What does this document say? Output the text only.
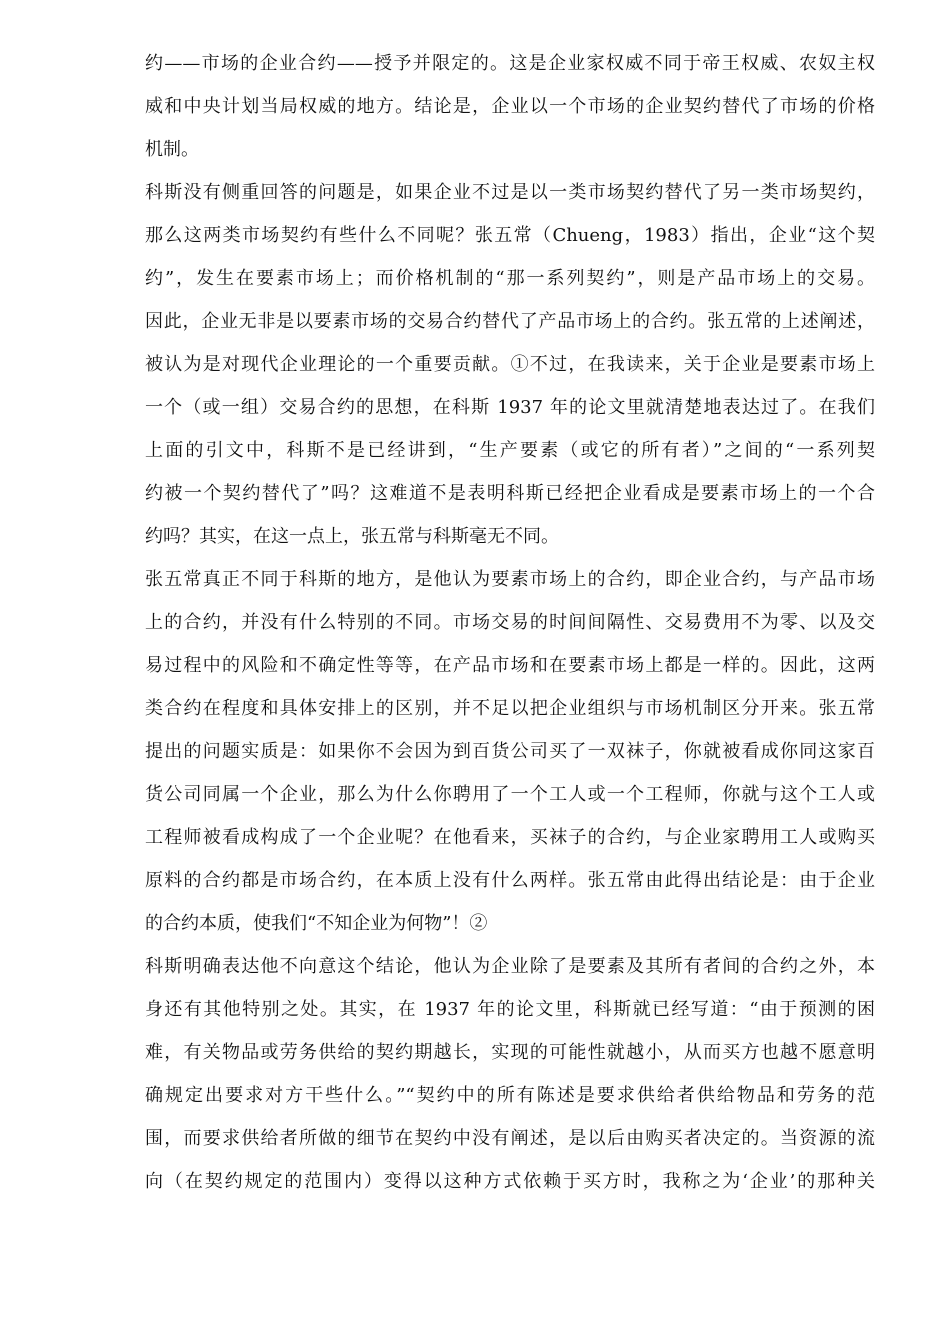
约——市场的企业合约——授予并限定的。这是企业家权威不同于帝王权威、农奴主权
威和中央计划当局权威的地方。结论是，企业以一个市场的企业契约替代了市场的价格
机制。
科斯没有侧重回答的问题是，如果企业不过是以一类市场契约替代了另一类市场契约，
那么这两类市场契约有些什么不同呢？张五常（Chueng，1983）指出，企业“这个契
约”，发生在要素市场上；而价格机制的“那一系列契约”，则是产品市场上的交易。
因此，企业无非是以要素市场的交易合约替代了产品市场上的合约。张五常的上述阐述，
被认为是对现代企业理论的一个重要贡献。①不过，在我读来，关于企业是要素市场上
一个（或一组）交易合约的思想，在科斯 1937 年的论文里就清楚地表达过了。在我们
上面的引文中，科斯不是已经讲到，“生产要素（或它的所有者）”之间的“一系列契
约被一个契约替代了”吗？这难道不是表明科斯已经把企业看成是要素市场上的一个合
约吗？其实，在这一点上，张五常与科斯毫无不同。
张五常真正不同于科斯的地方，是他认为要素市场上的合约，即企业合约，与产品市场
上的合约，并没有什么特别的不同。市场交易的时间间隔性、交易费用不为零、以及交
易过程中的风险和不确定性等等，在产品市场和在要素市场上都是一样的。因此，这两
类合约在程度和具体安排上的区别，并不足以把企业组织与市场机制区分开来。张五常
提出的问题实质是：如果你不会因为到百货公司买了一双袜子，你就被看成你同这家百
货公司同属一个企业，那么为什么你聘用了一个工人或一个工程师，你就与这个工人或
工程师被看成构成了一个企业呢？在他看来，买袜子的合约，与企业家聘用工人或购买
原料的合约都是市场合约，在本质上没有什么两样。张五常由此得出结论是：由于企业
的合约本质，使我们“不知企业为何物”！②
科斯明确表达他不向意这个结论，他认为企业除了是要素及其所有者间的合约之外，本
身还有其他特别之处。其实，在 1937 年的论文里，科斯就已经写道：“由于预测的困
难，有关物品或劳务供给的契约期越长，实现的可能性就越小，从而买方也越不愿意明
确规定出要求对方干些什么。”“契约中的所有陈述是要求供给者供给物品和劳务的范
围，而要求供给者所做的细节在契约中没有阐述，是以后由购买者决定的。当资源的流
向（在契约规定的范围内）变得以这种方式依赖于买方时，我称之为‘企业’的那种关
